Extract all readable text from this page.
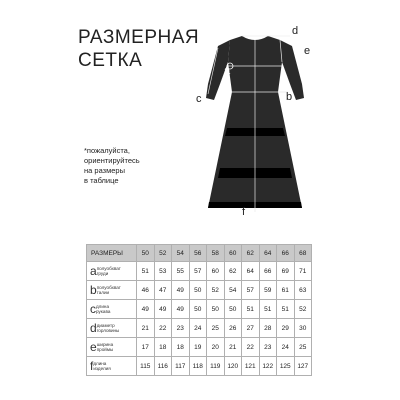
РАЗМЕРНАЯ
СЕТКА
*пожалуйста,
ориентируйтесь
на размеры
в таблице
a
b
c
d
e
f
РАЗМЕРЫ	50	52	54	56	58	60	62	64	66	68
aполуобхват
груди	51	53	55	57	60	62	64	66	69	71
bполуобхват
талии	46	47	49	50	52	54	57	59	61	63
cдлина
рукава	49	49	49	50	50	50	51	51	51	52
dдиаметр
горловины	21	22	23	24	25	26	27	28	29	30
eширина
проймы	17	18	18	19	20	21	22	23	24	25
fдлина
изделия	115	116	117	118	119	120	121	122	125	127
